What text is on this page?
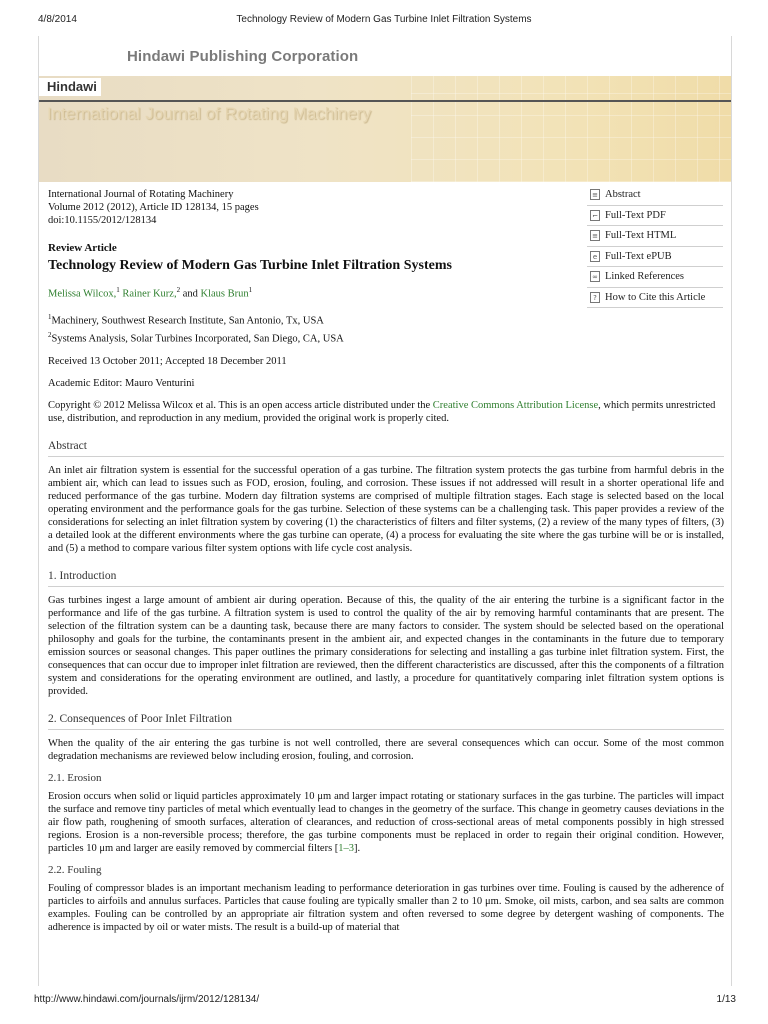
4/8/2014	Technology Review of Modern Gas Turbine Inlet Filtration Systems
Hindawi Publishing Corporation
Hindawi
International Journal of Rotating Machinery
International Journal of Rotating Machinery
Volume 2012 (2012), Article ID 128134, 15 pages
doi:10.1155/2012/128134
≡ Abstract
⌐ Full-Text PDF
≡ Full-Text HTML
e Full-Text ePUB
∞ Linked References
? How to Cite this Article
Review Article
Technology Review of Modern Gas Turbine Inlet Filtration Systems
Melissa Wilcox,$^1$ Rainer Kurz,$^2$ and Klaus Brun$^1$
$^1$Machinery, Southwest Research Institute, San Antonio, Tx, USA
$^2$Systems Analysis, Solar Turbines Incorporated, San Diego, CA, USA
Received 13 October 2011; Accepted 18 December 2011
Academic Editor: Mauro Venturini
Copyright © 2012 Melissa Wilcox et al. This is an open access article distributed under the Creative Commons Attribution License, which permits unrestricted use, distribution, and reproduction in any medium, provided the original work is properly cited.
Abstract
An inlet air filtration system is essential for the successful operation of a gas turbine. The filtration system protects the gas turbine from harmful debris in the ambient air, which can lead to issues such as FOD, erosion, fouling, and corrosion. These issues if not addressed will result in a shorter operational life and reduced performance of the gas turbine. Modern day filtration systems are comprised of multiple filtration stages. Each stage is selected based on the local operating environment and the performance goals for the gas turbine. Selection of these systems can be a challenging task. This paper provides a review of the considerations for selecting an inlet filtration system by covering (1) the characteristics of filters and filter systems, (2) a review of the many types of filters, (3) a detailed look at the different environments where the gas turbine can operate, (4) a process for evaluating the site where the gas turbine will be or is installed, and (5) a method to compare various filter system options with life cycle cost analysis.
1. Introduction
Gas turbines ingest a large amount of ambient air during operation. Because of this, the quality of the air entering the turbine is a significant factor in the performance and life of the gas turbine. A filtration system is used to control the quality of the air by removing harmful contaminants that are present. The selection of the filtration system can be a daunting task, because there are many factors to consider. The system should be selected based on the operational philosophy and goals for the turbine, the contaminants present in the ambient air, and expected changes in the contaminants in the future due to temporary emission sources or seasonal changes. This paper outlines the primary considerations for selecting and installing a gas turbine inlet filtration system. First, the consequences that can occur due to improper inlet filtration are reviewed, then the different characteristics are discussed, after this the components of a filtration system and considerations for the operating environment are outlined, and lastly, a procedure for quantitatively comparing inlet filtration system options is provided.
2. Consequences of Poor Inlet Filtration
When the quality of the air entering the gas turbine is not well controlled, there are several consequences which can occur. Some of the most common degradation mechanisms are reviewed below including erosion, fouling, and corrosion.
2.1. Erosion
Erosion occurs when solid or liquid particles approximately 10 μm and larger impact rotating or stationary surfaces in the gas turbine. The particles will impact the surface and remove tiny particles of metal which eventually lead to changes in the geometry of the surface. This change in geometry causes deviations in the air flow path, roughening of smooth surfaces, alteration of clearances, and reduction of cross-sectional areas of metal components possibly in high stressed regions. Erosion is a non-reversible process; therefore, the gas turbine components must be replaced in order to regain their original condition. However, particles 10 μm and larger are easily removed by commercial filters [1–3].
2.2. Fouling
Fouling of compressor blades is an important mechanism leading to performance deterioration in gas turbines over time. Fouling is caused by the adherence of particles to airfoils and annulus surfaces. Particles that cause fouling are typically smaller than 2 to 10 μm. Smoke, oil mists, carbon, and sea salts are common examples. Fouling can be controlled by an appropriate air filtration system and often reversed to some degree by detergent washing of components. The adherence is impacted by oil or water mists. The result is a build-up of material that
http://www.hindawi.com/journals/ijrm/2012/128134/	1/13
